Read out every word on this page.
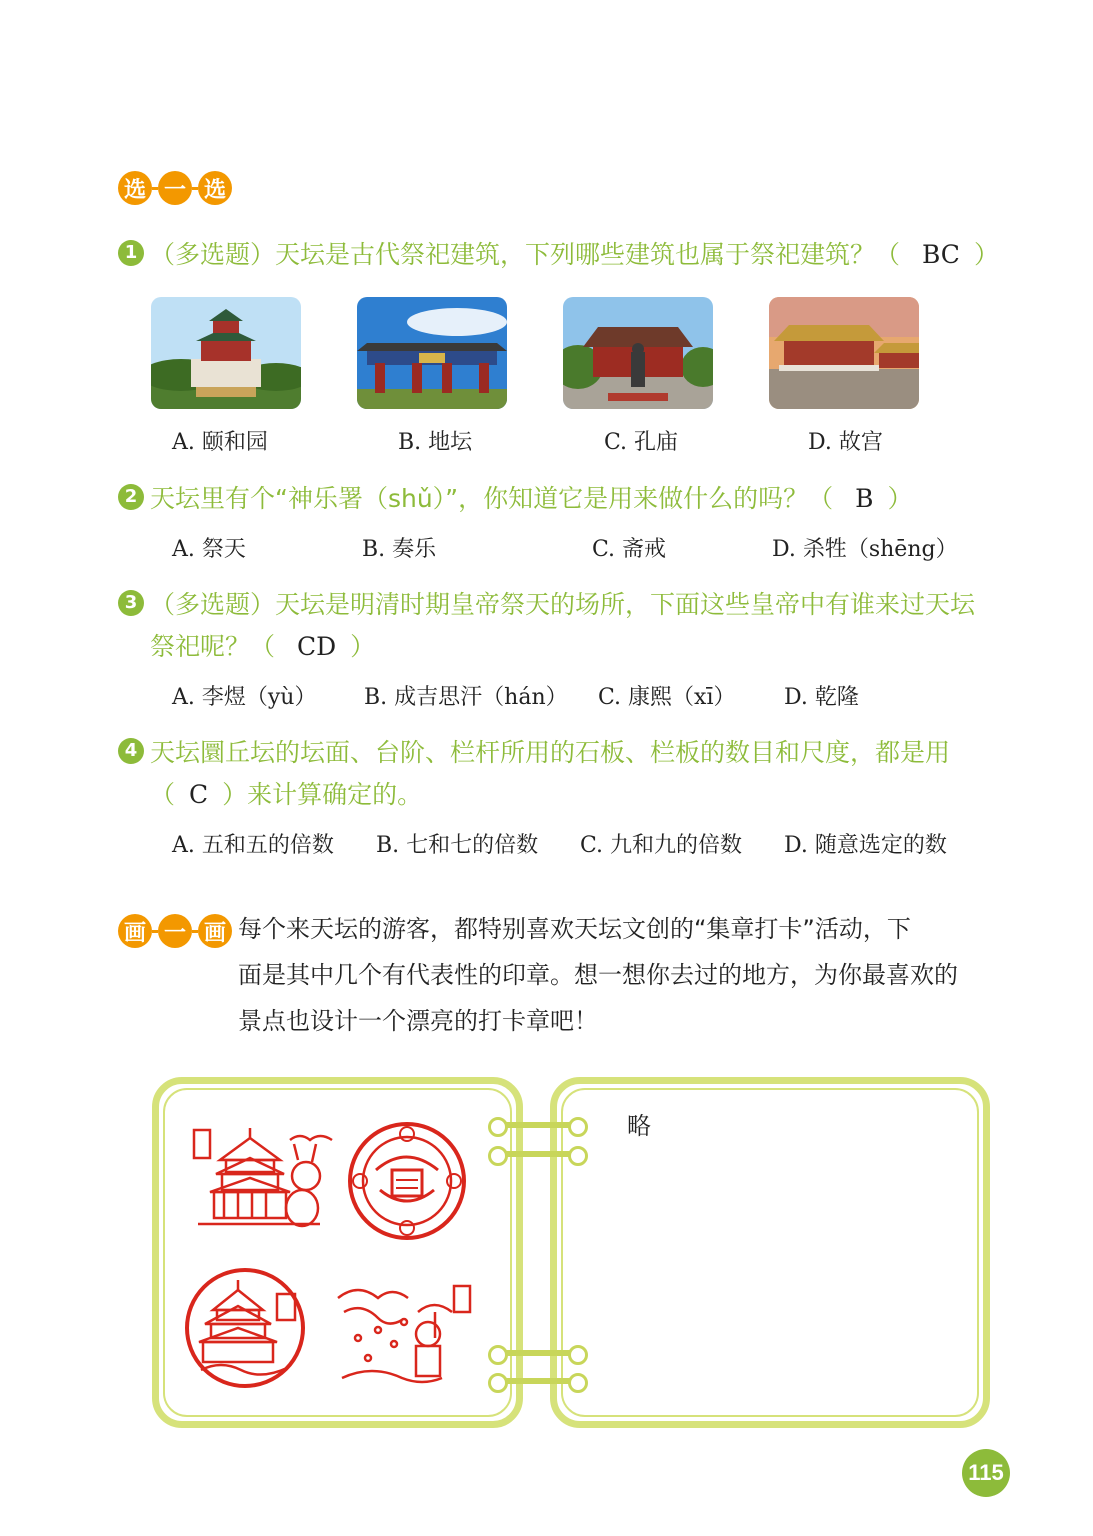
选 一 选
1 （多选题）天坛是古代祭祀建筑，下列哪些建筑也属于祭祀建筑？（ BC ）
A. 颐和园	B. 地坛	C. 孔庙	D. 故宫
2 天坛里有个“神乐署（shǔ）”，你知道它是用来做什么的吗？（ B ）
A. 祭天	B. 奏乐	C. 斋戒	D. 杀牲（shēng）
3 （多选题）天坛是明清时期皇帝祭天的场所，下面这些皇帝中有谁来过天坛
祭祀呢？（ CD ）
A. 李煜（yù） B. 成吉思汗（hán） C. 康熙（xī） D. 乾隆
4 天坛圜丘坛的坛面、台阶、栏杆所用的石板、栏板的数目和尺度，都是用
（ C ）来计算确定的。
A. 五和五的倍数 B. 七和七的倍数 C. 九和九的倍数 D. 随意选定的数
画 一 画 每个来天坛的游客，都特别喜欢天坛文创的“集章打卡”活动，下
面是其中几个有代表性的印章。想一想你去过的地方，为你最喜欢的
景点也设计一个漂亮的打卡章吧！
略
115
